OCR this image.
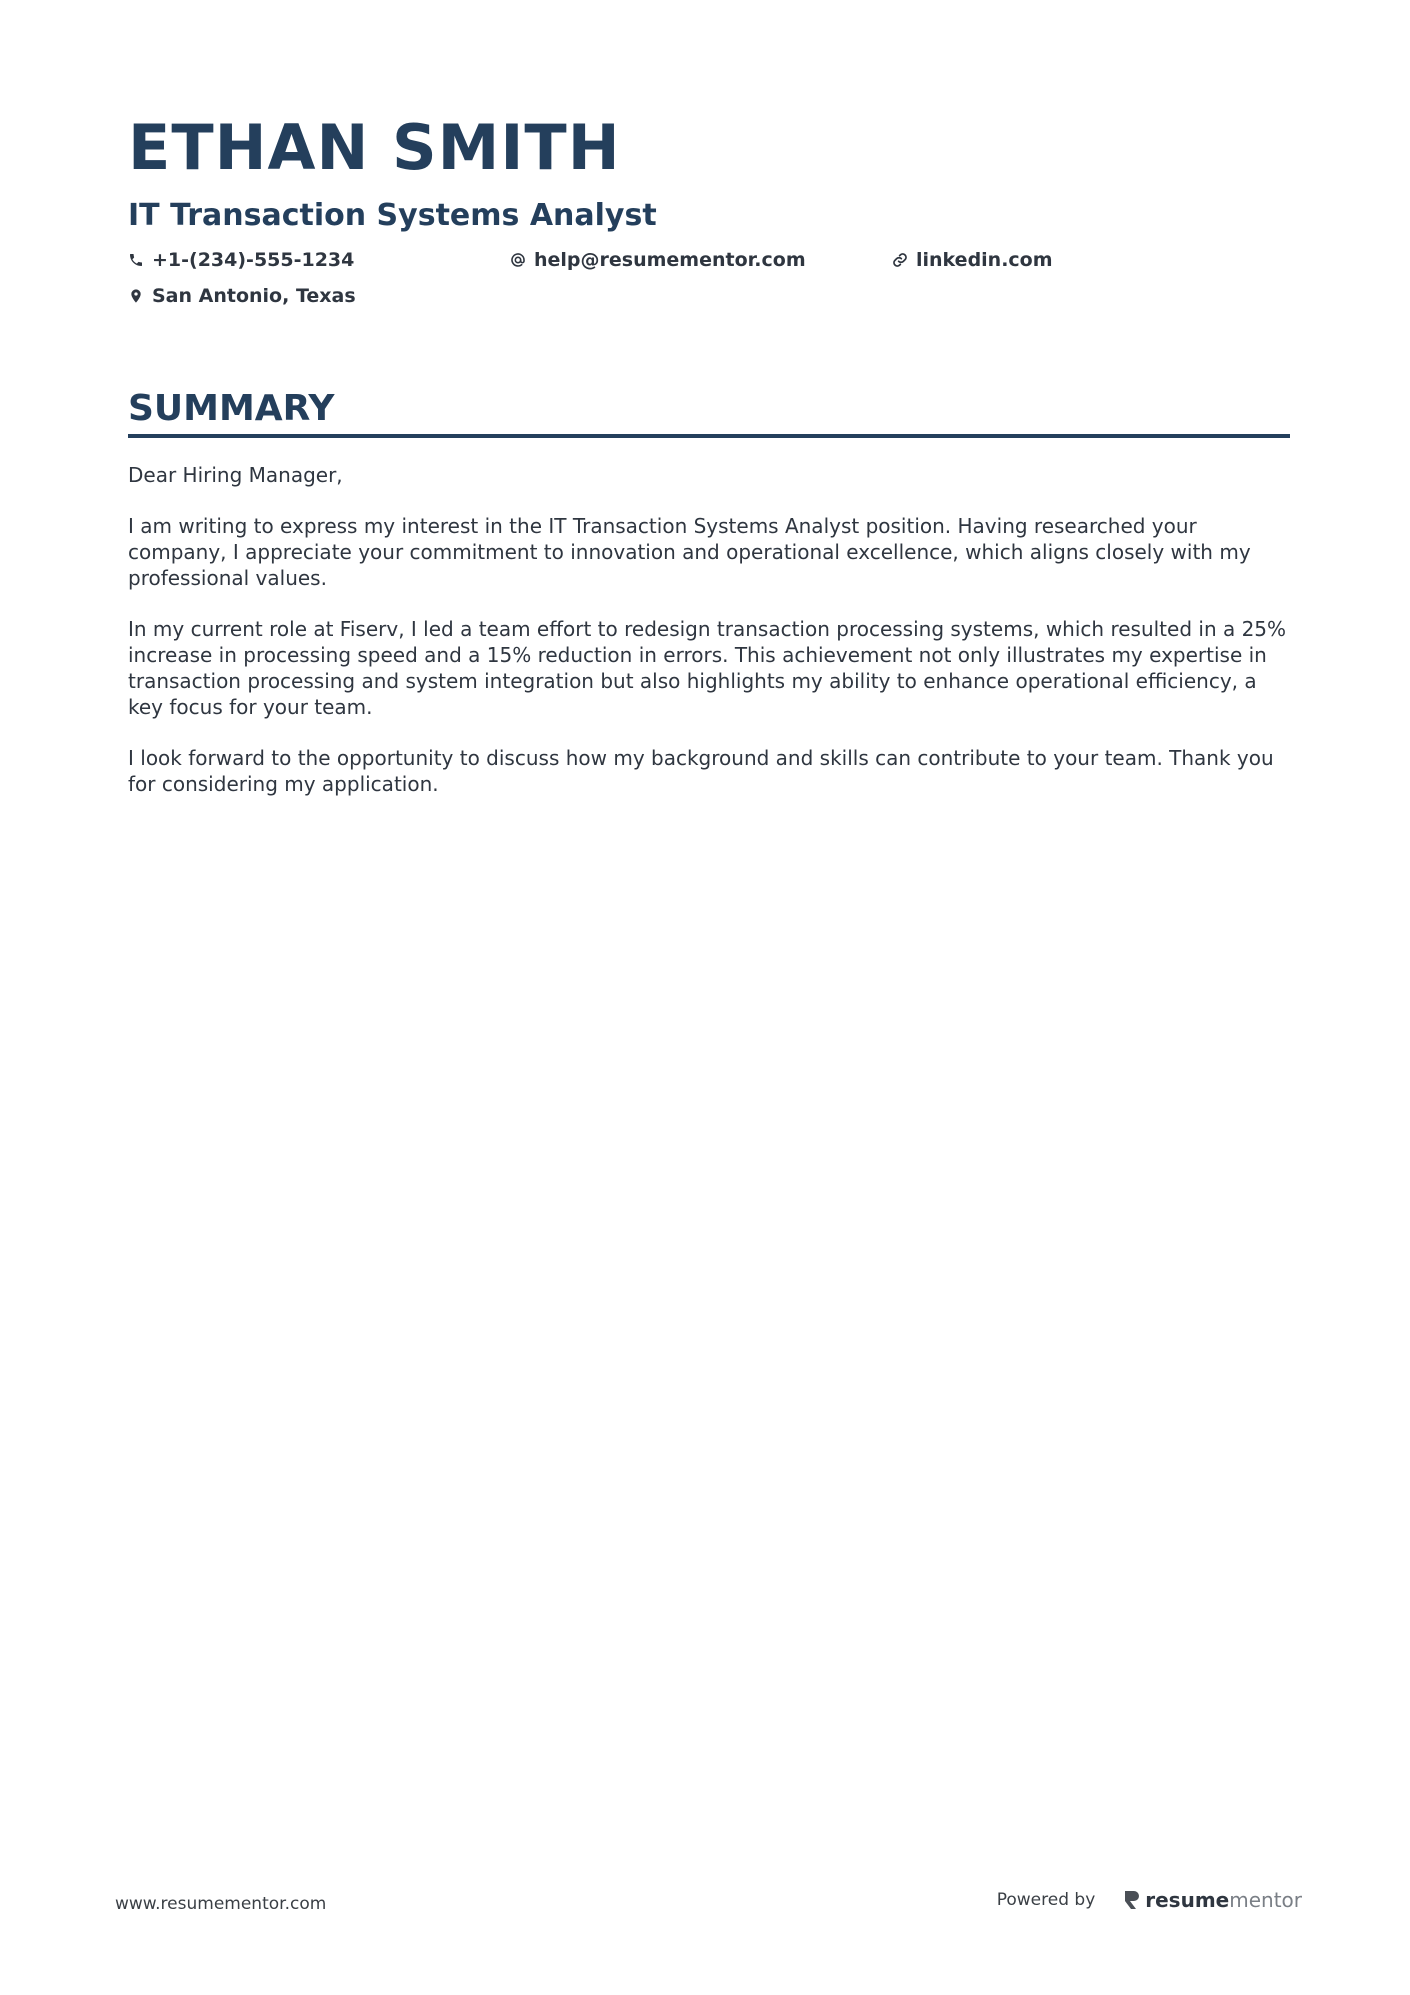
ETHAN SMITH
IT Transaction Systems Analyst
+1-(234)-555-1234	help@resumementor.com	linkedin.com
San Antonio, Texas
SUMMARY

Dear Hiring Manager,

I am writing to express my interest in the IT Transaction Systems Analyst position. Having researched your company, I appreciate your commitment to innovation and operational excellence, which aligns closely with my professional values.

In my current role at Fiserv, I led a team effort to redesign transaction processing systems, which resulted in a 25% increase in processing speed and a 15% reduction in errors. This achievement not only illustrates my expertise in transaction processing and system integration but also highlights my ability to enhance operational efficiency, a key focus for your team.

I look forward to the opportunity to discuss how my background and skills can contribute to your team. Thank you for considering my application.

www.resumementor.com	Powered by	resume mentor
